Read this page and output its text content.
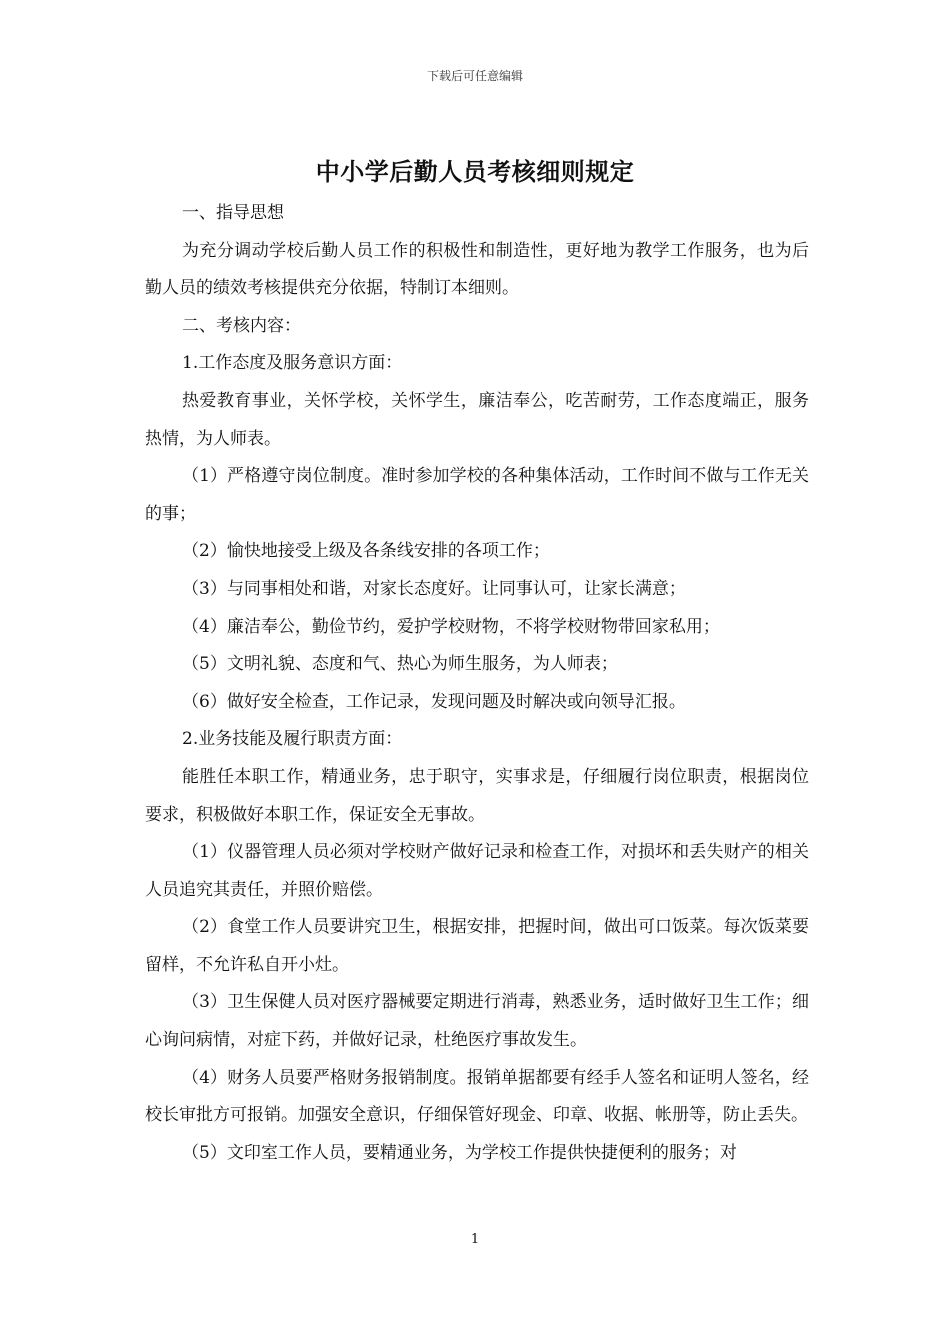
下载后可任意编辑
中小学后勤人员考核细则规定

一、指导思想

为充分调动学校后勤人员工作的积极性和制造性，更好地为教学工作服务，也为后勤人员的绩效考核提供充分依据，特制订本细则。

二、考核内容：

1.工作态度及服务意识方面：

热爱教育事业，关怀学校，关怀学生，廉洁奉公，吃苦耐劳，工作态度端正，服务热情，为人师表。

（1）严格遵守岗位制度。准时参加学校的各种集体活动，工作时间不做与工作无关的事；

（2）愉快地接受上级及各条线安排的各项工作；

（3）与同事相处和谐，对家长态度好。让同事认可，让家长满意；

（4）廉洁奉公，勤俭节约，爱护学校财物，不将学校财物带回家私用；

（5）文明礼貌、态度和气、热心为师生服务，为人师表；

（6）做好安全检查，工作记录，发现问题及时解决或向领导汇报。

2.业务技能及履行职责方面：

能胜任本职工作，精通业务，忠于职守，实事求是，仔细履行岗位职责，根据岗位要求，积极做好本职工作，保证安全无事故。

（1）仪器管理人员必须对学校财产做好记录和检查工作，对损坏和丢失财产的相关人员追究其责任，并照价赔偿。

（2）食堂工作人员要讲究卫生，根据安排，把握时间，做出可口饭菜。每次饭菜要留样，不允许私自开小灶。

（3）卫生保健人员对医疗器械要定期进行消毒，熟悉业务，适时做好卫生工作；细心询问病情，对症下药，并做好记录，杜绝医疗事故发生。

（4）财务人员要严格财务报销制度。报销单据都要有经手人签名和证明人签名，经校长审批方可报销。加强安全意识，仔细保管好现金、印章、收据、帐册等，防止丢失。

（5）文印室工作人员，要精通业务，为学校工作提供快捷便利的服务；对

1
